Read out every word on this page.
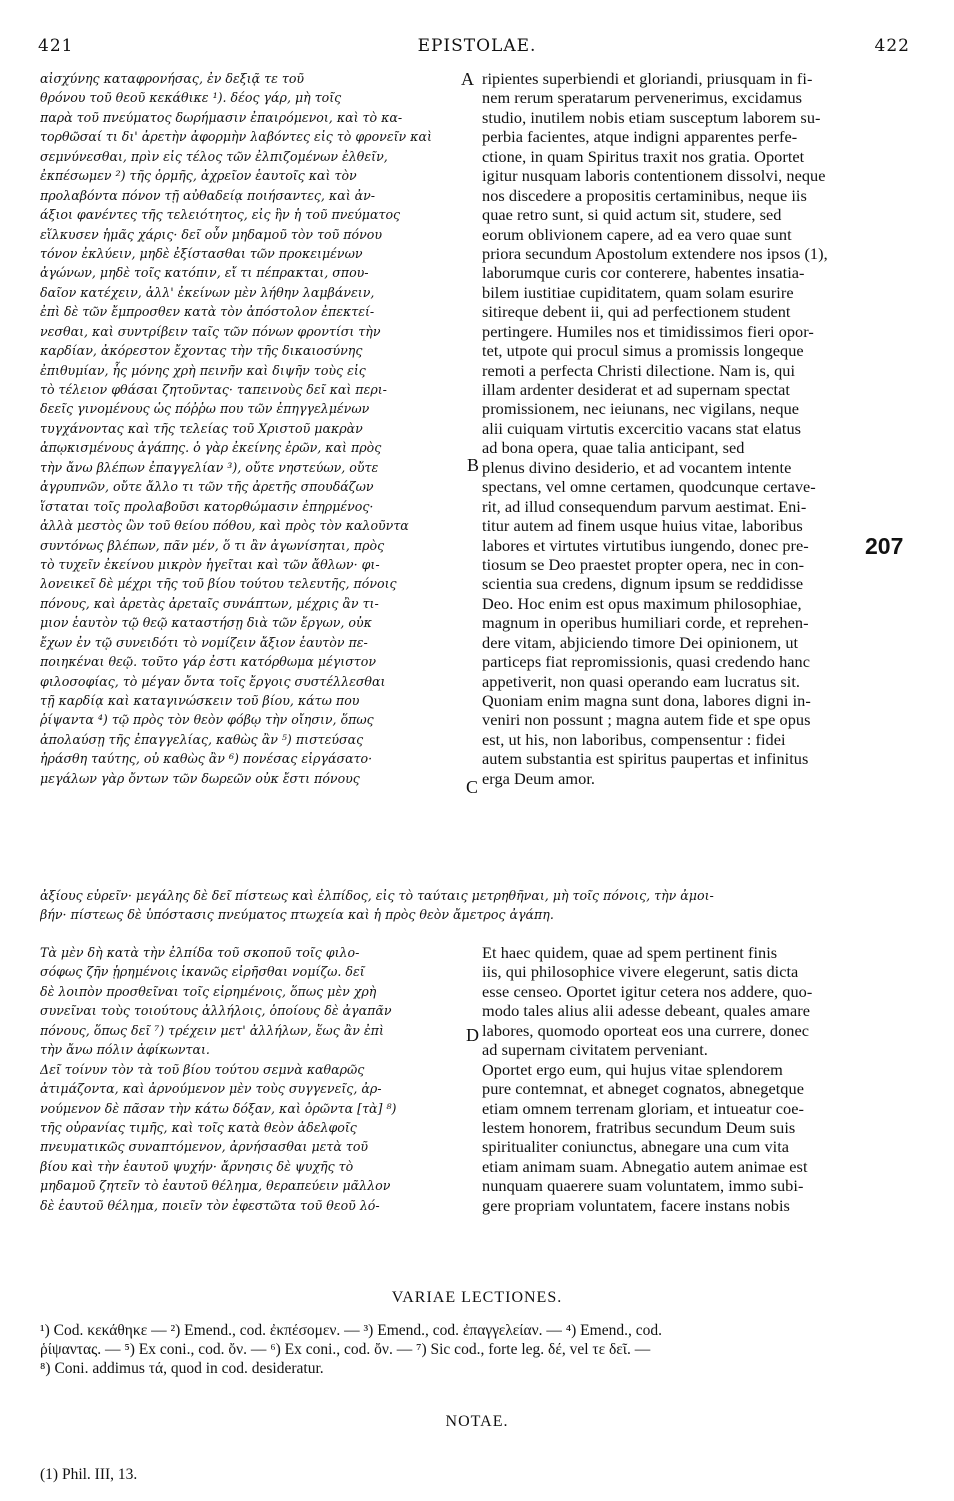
421	EPISTOLAE.	422
αἰσχύνης καταφρονήσας, ἐν δεξιᾷ τε τοῦ
θρόνου τοῦ θεοῦ κεκάθικε ¹). δέος γάρ, μὴ τοῖς
παρὰ τοῦ πνεύματος δωρήμασιν ἐπαιρόμενοι, καὶ τὸ κα-
τορθῶσαί τι δι' ἀρετὴν ἀφορμὴν λαβόντες εἰς τὸ φρονεῖν καὶ
σεμνύνεσθαι, πρὶν εἰς τέλος τῶν ἐλπιζομένων ἐλθεῖν,
ἐκπέσωμεν ²) τῆς ὁρμῆς, ἀχρεῖον ἑαυτοῖς καὶ τὸν
προλαβόντα πόνον τῇ αὐθαδείᾳ ποιήσαντες, καὶ ἀν-
άξιοι φανέντες τῆς τελειότητος, εἰς ἣν ἡ τοῦ πνεύματος
εἵλκυσεν ἡμᾶς χάρις· δεῖ οὖν μηδαμοῦ τὸν τοῦ πόνου
τόνον ἐκλύειν, μηδὲ ἐξίστασθαι τῶν προκειμένων
ἀγώνων, μηδὲ τοῖς κατόπιν, εἴ τι πέπρακται, σπου-
δαῖον κατέχειν, ἀλλ' ἐκείνων μὲν λήθην λαμβάνειν,
ἐπὶ δὲ τῶν ἔμπροσθεν κατὰ τὸν ἀπόστολον ἐπεκτεί-
νεσθαι, καὶ συντρίβειν ταῖς τῶν πόνων φροντίσι τὴν
καρδίαν, ἀκόρεστον ἔχοντας τὴν τῆς δικαιοσύνης
ἐπιθυμίαν, ἧς μόνης χρὴ πεινῆν καὶ διψῆν τοὺς εἰς
τὸ τέλειον φθάσαι ζητοῦντας· ταπεινοὺς δεῖ καὶ περι-
δεεῖς γινομένους ὡς πόῤῥω που τῶν ἐπηγγελμένων
τυγχάνοντας καὶ τῆς τελείας τοῦ Χριστοῦ μακρὰν
ἀπῳκισμένους ἀγάπης. ὁ γὰρ ἐκείνης ἐρῶν, καὶ πρὸς
τὴν ἄνω βλέπων ἐπαγγελίαν ³), οὔτε νηστεύων, οὔτε
ἀγρυπνῶν, οὔτε ἄλλο τι τῶν τῆς ἀρετῆς σπουδάζων
ἵσταται τοῖς προλαβοῦσι κατορθώμασιν ἐπηρμένος·
ἀλλὰ μεστὸς ὢν τοῦ θείου πόθου, καὶ πρὸς τὸν καλοῦντα
συντόνως βλέπων, πᾶν μέν, ὅ τι ἂν ἀγωνίσηται, πρὸς
τὸ τυχεῖν ἐκείνου μικρὸν ἡγεῖται καὶ τῶν ἄθλων· φι-
λονεικεῖ δὲ μέχρι τῆς τοῦ βίου τούτου τελευτῆς, πόνοις
πόνους, καὶ ἀρετὰς ἀρεταῖς συνάπτων, μέχρις ἂν τι-
μιον ἑαυτὸν τῷ θεῷ καταστήσῃ διὰ τῶν ἔργων, οὐκ
ἔχων ἐν τῷ συνειδότι τὸ νομίζειν ἄξιον ἑαυτὸν πε-
ποιηκέναι θεῷ. τοῦτο γάρ ἐστι κατόρθωμα μέγιστον
φιλοσοφίας, τὸ μέγαν ὄντα τοῖς ἔργοις συστέλλεσθαι
τῇ καρδίᾳ καὶ καταγινώσκειν τοῦ βίου, κάτω που
ῥίψαντα ⁴) τῷ πρὸς τὸν θεὸν φόβῳ τὴν οἴησιν, ὅπως
ἀπολαύσῃ τῆς ἐπαγγελίας, καθὼς ἂν ⁵) πιστεύσας
ἠράσθη ταύτης, οὐ καθὼς ἂν ⁶) πονέσας εἰργάσατο·
μεγάλων γὰρ ὄντων τῶν δωρεῶν οὐκ ἔστι πόνους
ripientes superbiendi et gloriandi, priusquam in fi-
nem rerum speratarum pervenerimus, excidamus
studio, inutilem nobis etiam susceptum laborem su-
perbia facientes, atque indigni apparentes perfe-
ctione, in quam Spiritus traxit nos gratia. Oportet
igitur nusquam laboris contentionem dissolvi, neque
nos discedere a propositis certaminibus, neque iis
quae retro sunt, si quid actum sit, studere, sed
eorum oblivionem capere, ad ea vero quae sunt
priora secundum Apostolum extendere nos ipsos (1),
laborumque curis cor conterere, habentes insatia-
bilem iustitiae cupiditatem, quam solam esurire
sitireque debent ii, qui ad perfectionem student
pertingere. Humiles nos et timidissimos fieri opor-
tet, utpote qui procul simus a promissis longeque
remoti a perfecta Christi dilectione. Nam is, qui
illam ardenter desiderat et ad supernam spectat
promissionem, nec ieiunans, nec vigilans, neque
alii cuiquam virtutis excercitio vacans stat elatus
ad bona opera, quae talia anticipant, sed
plenus divino desiderio, et ad vocantem intente
spectans, vel omne certamen, quodcunque certave-
rit, ad illud consequendum parvum aestimat. Eni-
titur autem ad finem usque huius vitae, laboribus
labores et virtutes virtutibus iungendo, donec pre-
tiosum se Deo praestet propter opera, nec in con-
scientia sua credens, dignum ipsum se reddidisse
Deo. Hoc enim est opus maximum philosophiae,
magnum in operibus humiliari corde, et reprehen-
dere vitam, abjiciendo timore Dei opinionem, ut
particeps fiat repromissionis, quasi credendo hanc
appetiverit, non quasi operando eam lucratus sit.
Quoniam enim magna sunt dona, labores digni in-
veniri non possunt ; magna autem fide et spe opus
est, ut his, non laboribus, compensentur : fidei
autem substantia est spiritus paupertas et infinitus
erga Deum amor.
A
B
C
D
207
ἀξίους εὑρεῖν· μεγάλης δὲ δεῖ πίστεως καὶ ἐλπίδος, εἰς τὸ ταύταις μετρηθῆναι, μὴ τοῖς πόνοις, τὴν ἀμοι-
βήν· πίστεως δὲ ὑπόστασις πνεύματος πτωχεία καὶ ἡ πρὸς θεὸν ἄμετρος ἀγάπη.
Τὰ μὲν δὴ κατὰ τὴν ἐλπίδα τοῦ σκοποῦ τοῖς φιλο-
σόφως ζῆν ᾑρημένοις ἱκανῶς εἰρῆσθαι νομίζω. δεῖ
δὲ λοιπὸν προσθεῖναι τοῖς εἰρημένοις, ὅπως μὲν χρὴ
συνεῖναι τοὺς τοιούτους ἀλλήλοις, ὁποίους δὲ ἀγαπᾶν
πόνους, ὅπως δεῖ ⁷) τρέχειν μετ' ἀλλήλων, ἕως ἂν ἐπὶ
τὴν ἄνω πόλιν ἀφίκωνται.
Δεῖ τοίνυν τὸν τὰ τοῦ βίου τούτου σεμνὰ καθαρῶς
ἀτιμάζοντα, καὶ ἀρνούμενον μὲν τοὺς συγγενεῖς, ἀρ-
νούμενον δὲ πᾶσαν τὴν κάτω δόξαν, καὶ ὁρῶντα [τὰ] ⁸)
τῆς οὐρανίας τιμῆς, καὶ τοῖς κατὰ θεὸν ἀδελφοῖς
πνευματικῶς συναπτόμενον, ἀρνήσασθαι μετὰ τοῦ
βίου καὶ τὴν ἑαυτοῦ ψυχήν· ἄρνησις δὲ ψυχῆς τὸ
μηδαμοῦ ζητεῖν τὸ ἑαυτοῦ θέλημα, θεραπεύειν μᾶλλον
δὲ ἑαυτοῦ θέλημα, ποιεῖν τὸν ἐφεστῶτα τοῦ θεοῦ λό-
Et haec quidem, quae ad spem pertinent finis
iis, qui philosophice vivere elegerunt, satis dicta
esse censeo. Oportet igitur cetera nos addere, quo-
modo tales alius alii adesse debeant, quales amare
labores, quomodo oporteat eos una currere, donec
ad supernam civitatem perveniant.
Oportet ergo eum, qui hujus vitae splendorem
pure contemnat, et abneget cognatos, abnegetque
etiam omnem terrenam gloriam, et intueatur coe-
lestem honorem, fratribus secundum Deum suis
spiritualiter coniunctus, abnegare una cum vita
etiam animam suam. Abnegatio autem animae est
nunquam quaerere suam voluntatem, immo subi-
gere propriam voluntatem, facere instans nobis
VARIAE LECTIONES.
¹) Cod. κεκάθηκε — ²) Emend., cod. ἐκπέσομεν. — ³) Emend., cod. ἐπαγγελείαν. — ⁴) Emend., cod.
ῥίψαντας. — ⁵) Ex coni., cod. ὄν. — ⁶) Ex coni., cod. ὄν. — ⁷) Sic cod., forte leg. δέ, vel τε δεῖ. —
⁸) Coni. addimus τά, quod in cod. desideratur.
NOTAE.
(1) Phil. III, 13.
